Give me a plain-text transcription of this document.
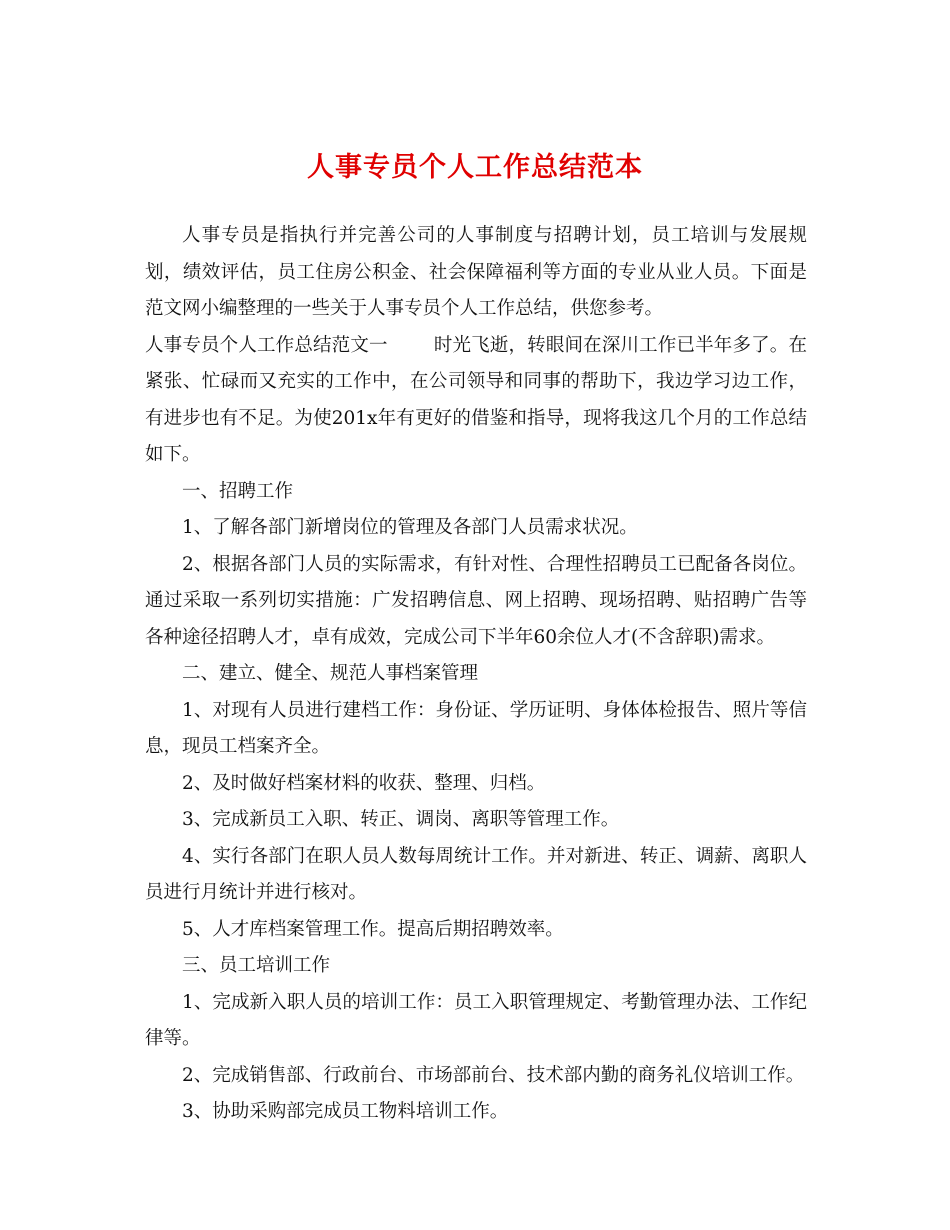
人事专员个人工作总结范本

人事专员是指执行并完善公司的人事制度与招聘计划，员工培训与发展规划，绩效评估，员工住房公积金、社会保障福利等方面的专业从业人员。下面是范文网小编整理的一些关于人事专员个人工作总结，供您参考。

人事专员个人工作总结范文一 时光飞逝，转眼间在深川工作已半年多了。在紧张、忙碌而又充实的工作中，在公司领导和同事的帮助下，我边学习边工作，有进步也有不足。为使201x年有更好的借鉴和指导，现将我这几个月的工作总结如下。

一、招聘工作

1、了解各部门新增岗位的管理及各部门人员需求状况。

2、根据各部门人员的实际需求，有针对性、合理性招聘员工已配备各岗位。通过采取一系列切实措施：广发招聘信息、网上招聘、现场招聘、贴招聘广告等各种途径招聘人才，卓有成效，完成公司下半年60余位人才(不含辞职)需求。

二、建立、健全、规范人事档案管理

1、对现有人员进行建档工作：身份证、学历证明、身体体检报告、照片等信息，现员工档案齐全。

2、及时做好档案材料的收获、整理、归档。

3、完成新员工入职、转正、调岗、离职等管理工作。

4、实行各部门在职人员人数每周统计工作。并对新进、转正、调薪、离职人员进行月统计并进行核对。

5、人才库档案管理工作。提高后期招聘效率。

三、员工培训工作

1、完成新入职人员的培训工作：员工入职管理规定、考勤管理办法、工作纪律等。

2、完成销售部、行政前台、市场部前台、技术部内勤的商务礼仪培训工作。

3、协助采购部完成员工物料培训工作。
